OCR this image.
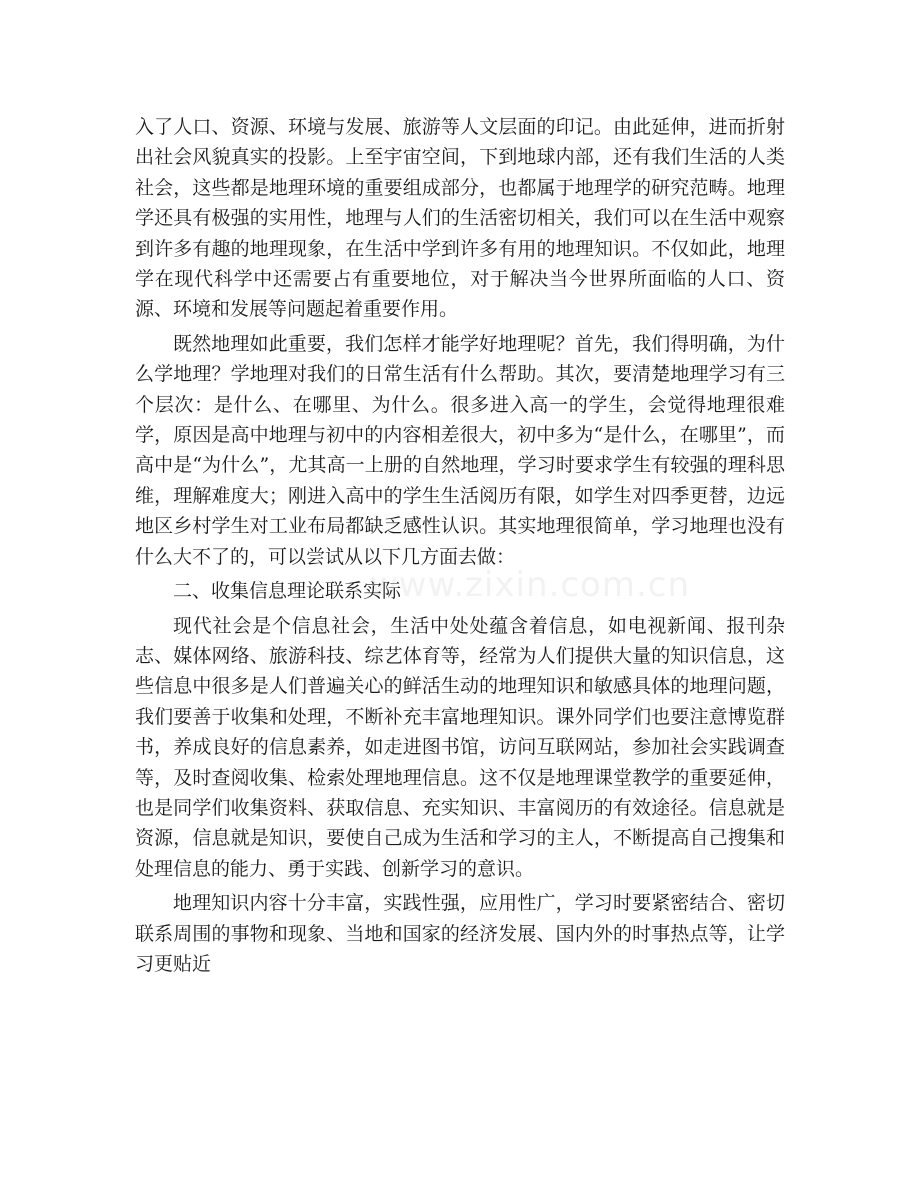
入了人口、资源、环境与发展、旅游等人文层面的印记。由此延伸，进而折射出社会风貌真实的投影。上至宇宙空间，下到地球内部，还有我们生活的人类社会，这些都是地理环境的重要组成部分，也都属于地理学的研究范畴。地理学还具有极强的实用性，地理与人们的生活密切相关，我们可以在生活中观察到许多有趣的地理现象，在生活中学到许多有用的地理知识。不仅如此，地理学在现代科学中还需要占有重要地位，对于解决当今世界所面临的人口、资源、环境和发展等问题起着重要作用。

既然地理如此重要，我们怎样才能学好地理呢？首先，我们得明确，为什么学地理？学地理对我们的日常生活有什么帮助。其次，要清楚地理学习有三个层次：是什么、在哪里、为什么。很多进入高一的学生，会觉得地理很难学，原因是高中地理与初中的内容相差很大，初中多为“是什么，在哪里”，而高中是“为什么”，尤其高一上册的自然地理，学习时要求学生有较强的理科思维，理解难度大；刚进入高中的学生生活阅历有限，如学生对四季更替，边远地区乡村学生对工业布局都缺乏感性认识。其实地理很简单，学习地理也没有什么大不了的，可以尝试从以下几方面去做：

二、收集信息理论联系实际

现代社会是个信息社会，生活中处处蕴含着信息，如电视新闻、报刊杂志、媒体网络、旅游科技、综艺体育等，经常为人们提供大量的知识信息，这些信息中很多是人们普遍关心的鲜活生动的地理知识和敏感具体的地理问题，我们要善于收集和处理，不断补充丰富地理知识。课外同学们也要注意博览群书，养成良好的信息素养，如走进图书馆，访问互联网站，参加社会实践调查等，及时查阅收集、检索处理地理信息。这不仅是地理课堂教学的重要延伸，也是同学们收集资料、获取信息、充实知识、丰富阅历的有效途径。信息就是资源，信息就是知识，要使自己成为生活和学习的主人，不断提高自己搜集和处理信息的能力、勇于实践、创新学习的意识。

地理知识内容十分丰富，实践性强，应用性广，学习时要紧密结合、密切联系周围的事物和现象、当地和国家的经济发展、国内外的时事热点等，让学习更贴近

www.zixin.com.cn
